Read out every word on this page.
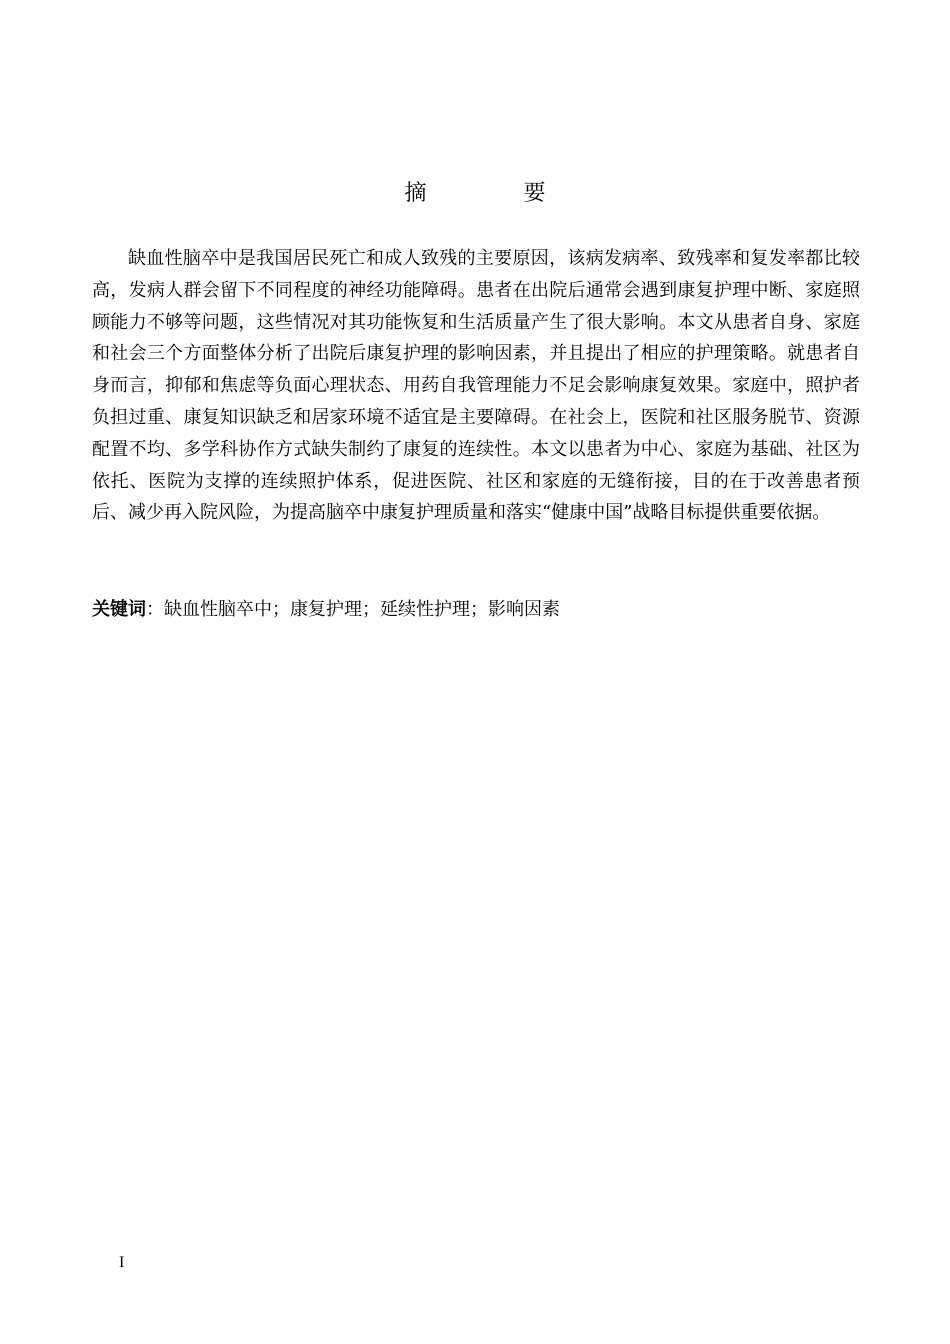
摘 要

缺血性脑卒中是我国居民死亡和成人致残的主要原因，该病发病率、致残率和复发率都比较高，发病人群会留下不同程度的神经功能障碍。患者在出院后通常会遇到康复护理中断、家庭照顾能力不够等问题，这些情况对其功能恢复和生活质量产生了很大影响。本文从患者自身、家庭和社会三个方面整体分析了出院后康复护理的影响因素，并且提出了相应的护理策略。就患者自身而言，抑郁和焦虑等负面心理状态、用药自我管理能力不足会影响康复效果。家庭中，照护者负担过重、康复知识缺乏和居家环境不适宜是主要障碍。在社会上，医院和社区服务脱节、资源配置不均、多学科协作方式缺失制约了康复的连续性。本文以患者为中心、家庭为基础、社区为依托、医院为支撑的连续照护体系，促进医院、社区和家庭的无缝衔接，目的在于改善患者预后、减少再入院风险，为提高脑卒中康复护理质量和落实“健康中国”战略目标提供重要依据。

关键词：缺血性脑卒中；康复护理；延续性护理；影响因素

I
